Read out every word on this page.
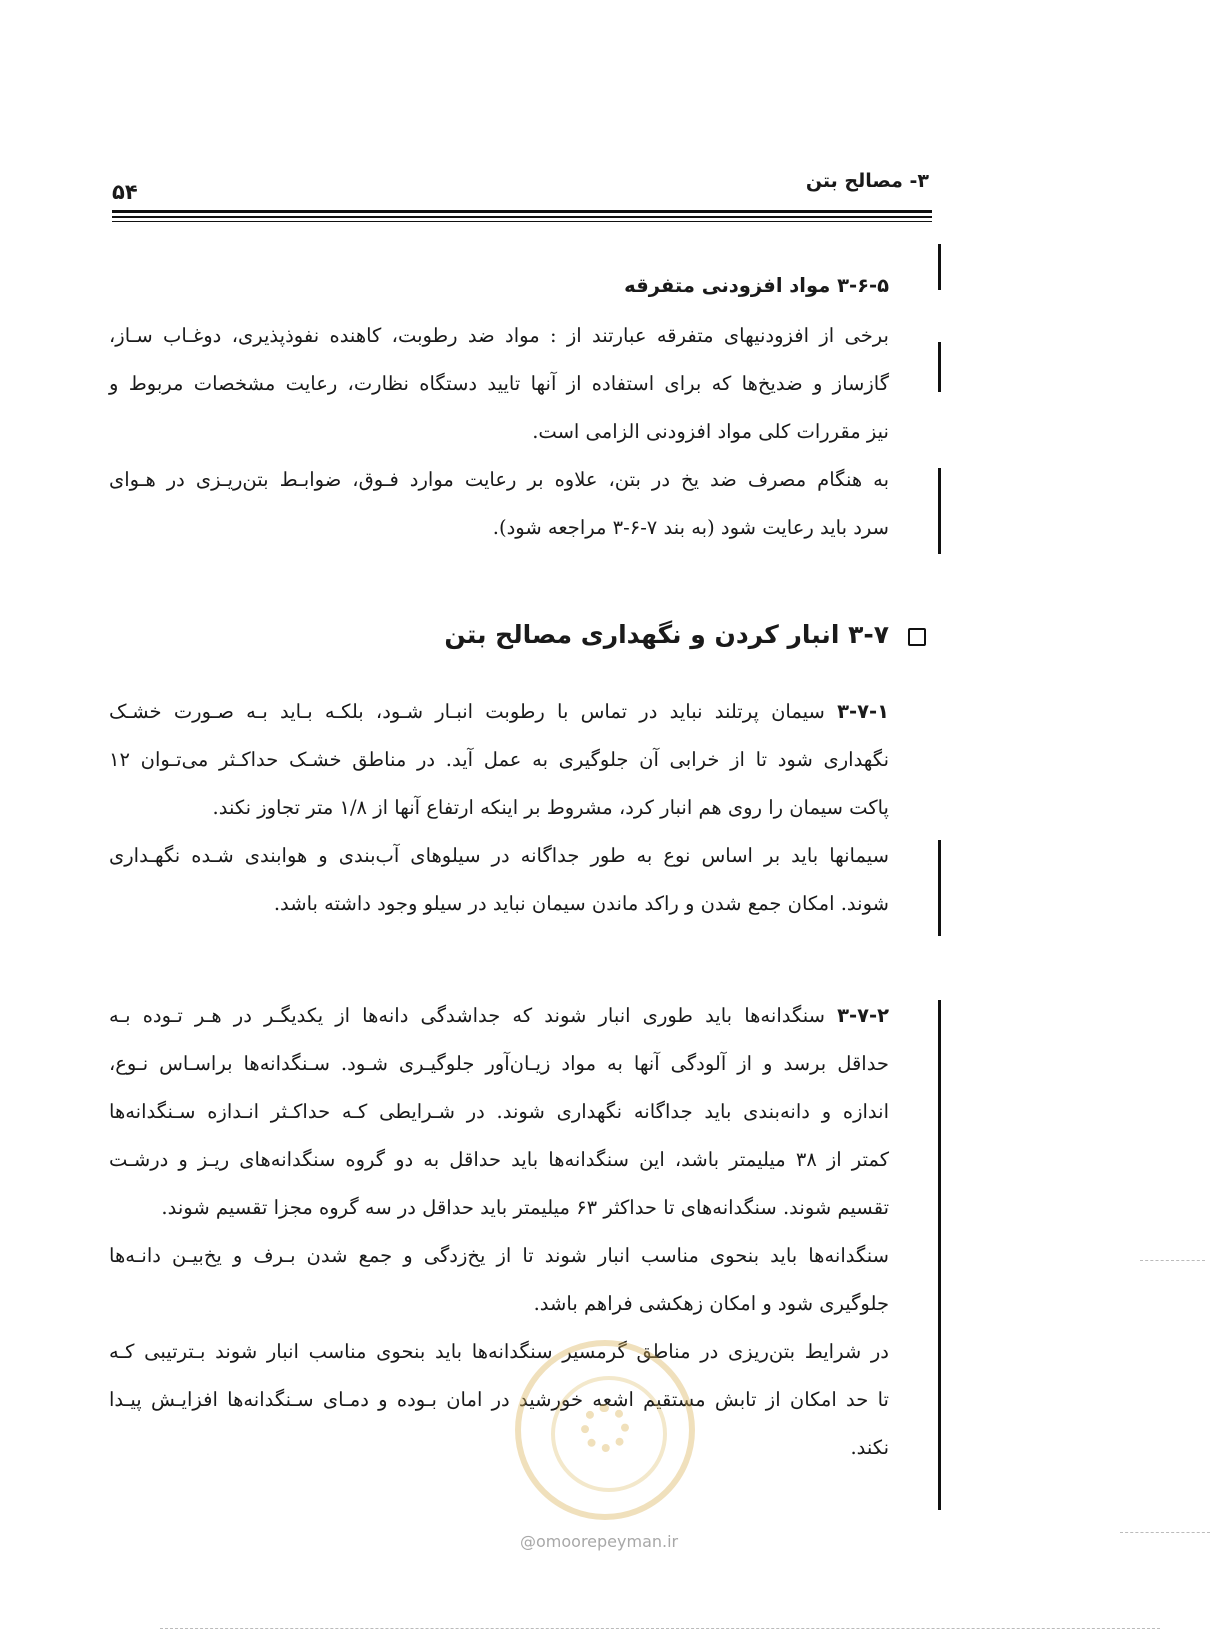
۳- مصالح بتن
۵۴

۳-۶-۵ مواد افزودنی متفرقه

برخی از افزودنیهای متفرقه عبارتند از : مواد ضد رطوبت، کاهنده نفوذپذیری، دوغـاب سـاز،

گازساز و ضدیخ‌ها که برای استفاده از آنها تایید دستگاه نظارت، رعایت مشخصات مربوط و

نیز مقررات کلی مواد افزودنی الزامی است.

به هنگام مصرف ضد یخ در بتن، علاوه بر رعایت موارد فـوق، ضوابـط بتن‌ریـزی در هـوای

سرد باید رعایت شود (به بند ۷-۶-۳ مراجعه شود).

۳-۷ انبار کردن و نگهداری مصالح بتن

۳-۷-۱ سیمان پرتلند نباید در تماس با رطوبت انبـار شـود، بلکـه بـاید بـه صـورت خشـک

نگهداری شود تا از خرابی آن جلوگیری به عمل آید. در مناطق خشـک حداکـثر می‌تـوان ۱۲

پاکت سیمان را روی هم انبار کرد، مشروط بر اینکه ارتفاع آنها از ۱/۸ متر تجاوز نکند.

سیمانها باید بر اساس نوع به طور جداگانه در سیلوهای آب‌بندی و هوابندی شـده نگهـداری

شوند. امکان جمع شدن و راکد ماندن سیمان نباید در سیلو وجود داشته باشد.

۳-۷-۲ سنگدانه‌ها باید طوری انبار شوند که جداشدگی دانه‌ها از یکدیگـر در هـر تـوده بـه

حداقل برسد و از آلودگی آنها به مواد زیـان‌آور جلوگیـری شـود. سـنگدانه‌ها براسـاس نـوع،

اندازه و دانه‌بندی باید جداگانه نگهداری شوند. در شـرایطی کـه حداکـثر انـدازه سـنگدانه‌ها

کمتر از ۳۸ میلیمتر باشد، این سنگدانه‌ها باید حداقل به دو گروه سنگدانه‌های ریـز و درشـت

تقسیم شوند. سنگدانه‌های تا حداکثر ۶۳ میلیمتر باید حداقل در سه گروه مجزا تقسیم شوند.

سنگدانه‌ها باید بنحوی مناسب انبار شوند تا از یخ‌زدگی و جمع شدن بـرف و یخ‌بیـن دانـه‌ها

جلوگیری شود و امکان زهکشی فراهم باشد.

در شرایط بتن‌ریزی در مناطق گرمسیر سنگدانه‌ها باید بنحوی مناسب انبار شوند بـترتیبی کـه

تا حد امکان از تابش مستقیم اشعه خورشید در امان بـوده و دمـای سـنگدانه‌ها افزایـش پیـدا

نکند.

@omoorepeyman.ir
